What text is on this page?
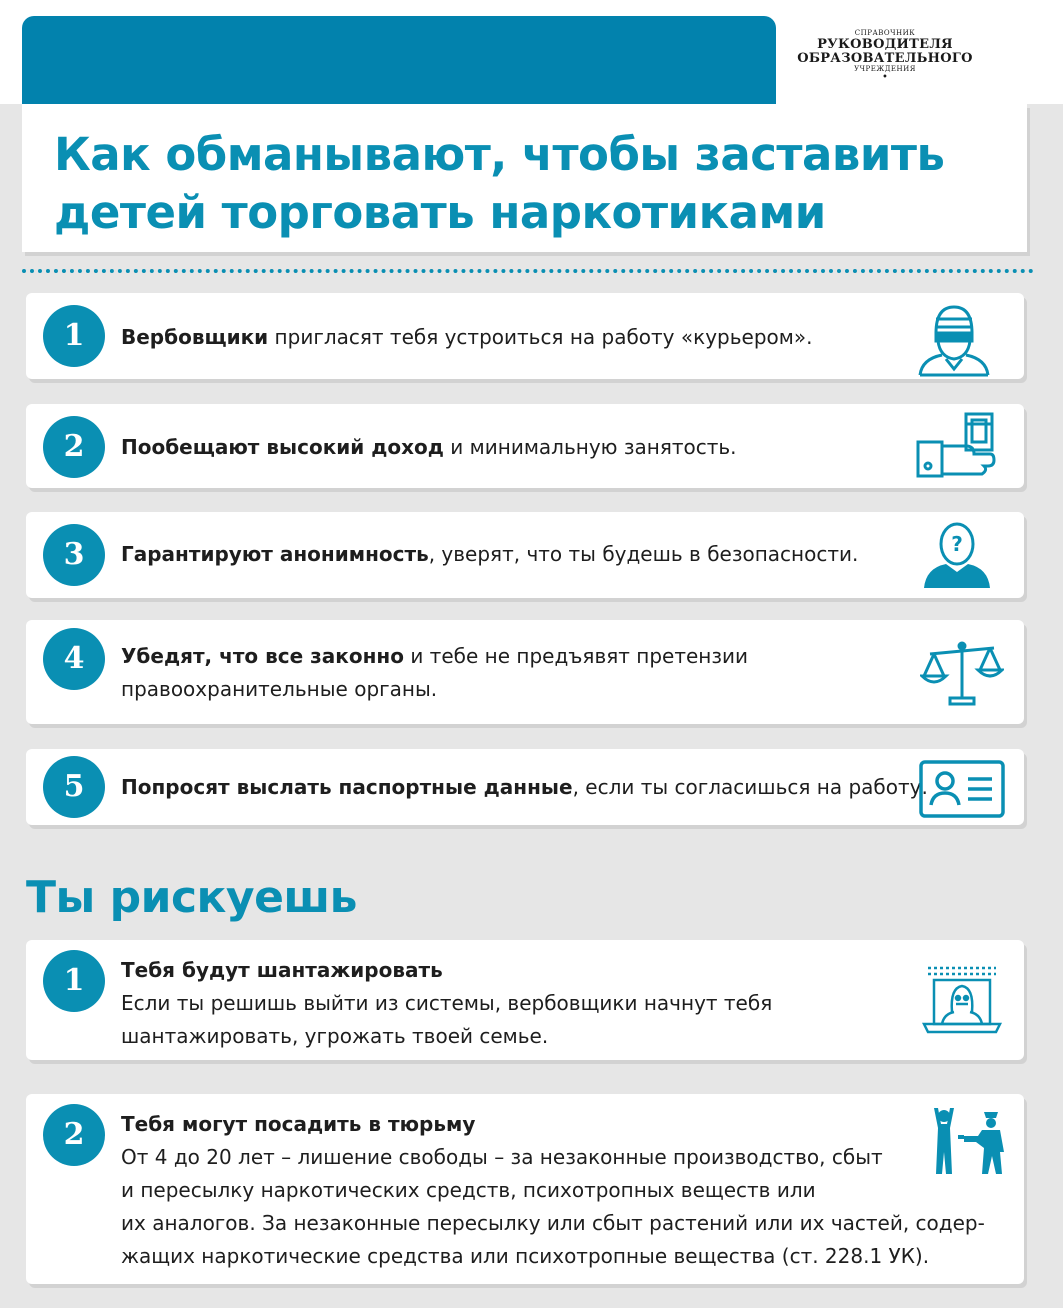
СПРАВОЧНИК
РУКОВОДИТЕЛЯ
ОБРАЗОВАТЕЛЬНОГО
УЧРЕЖДЕНИЯ
•
Как обманывают, чтобы заставить
детей торговать наркотиками
1	Вербовщики пригласят тебя устроиться на работу «курьером».
2	Пообещают высокий доход и минимальную занятость.
3	Гарантируют анонимность, уверят, что ты будешь в безопасности.	?
4	Убедят, что все законно и тебе не предъявят претензии
правоохранительные органы.
5	Попросят выслать паспортные данные, если ты согласишься на работу.
Ты рискуешь
1	Тебя будут шантажировать
Если ты решишь выйти из системы, вербовщики начнут тебя
шантажировать, угрожать твоей семье.
2	Тебя могут посадить в тюрьму
От 4 до 20 лет – лишение свободы – за незаконные производство, сбыт
и пересылку наркотических средств, психотропных веществ или
их аналогов. За незаконные пересылку или сбыт растений или их частей, содер-
жащих наркотические средства или психотропные вещества (ст. 228.1 УК).
